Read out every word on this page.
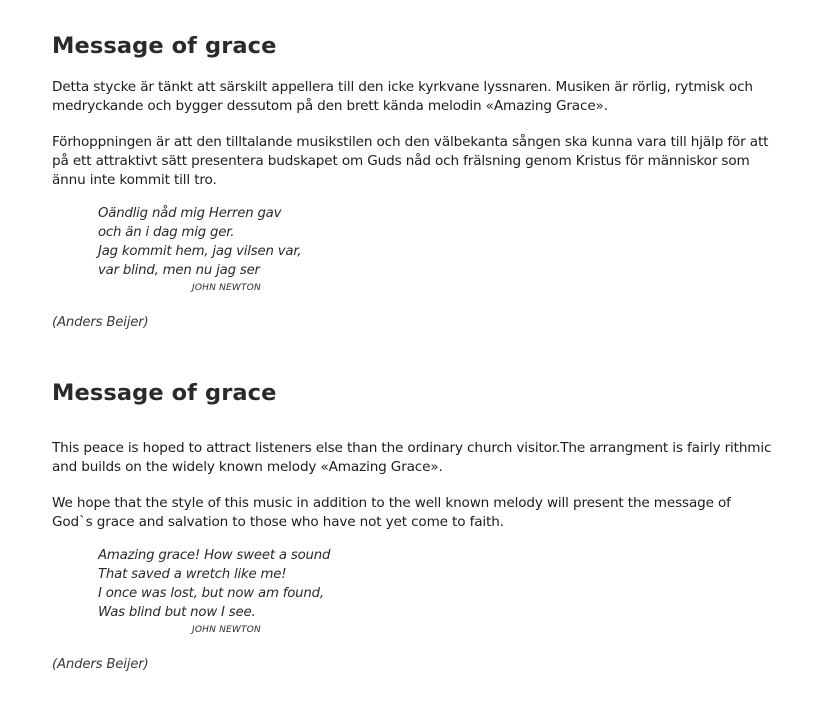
Message of grace

Detta stycke är tänkt att särskilt appellera till den icke kyrkvane lyssnaren. Musiken är rörlig, rytmisk och medryckande och bygger dessutom på den brett kända melodin «Amazing Grace».

Förhoppningen är att den tilltalande musikstilen och den välbekanta sången ska kunna vara till hjälp för att på ett attraktivt sätt presentera budskapet om Guds nåd och frälsning genom Kristus för människor som ännu inte kommit till tro.

Oändlig nåd mig Herren gav
och än i dag mig ger.
Jag kommit hem, jag vilsen var,
var blind, men nu jag ser
JOHN NEWTON

(Anders Beijer)

Message of grace

This peace is hoped to attract listeners else than the ordinary church visitor.The arrangment is fairly rithmic and builds on the widely known melody «Amazing Grace».

We hope that the style of this music in addition to the well known melody will present the message of God`s grace and salvation to those who have not yet come to faith.

Amazing grace! How sweet a sound
That saved a wretch like me!
I once was lost, but now am found,
Was blind but now I see.
JOHN NEWTON

(Anders Beijer)
